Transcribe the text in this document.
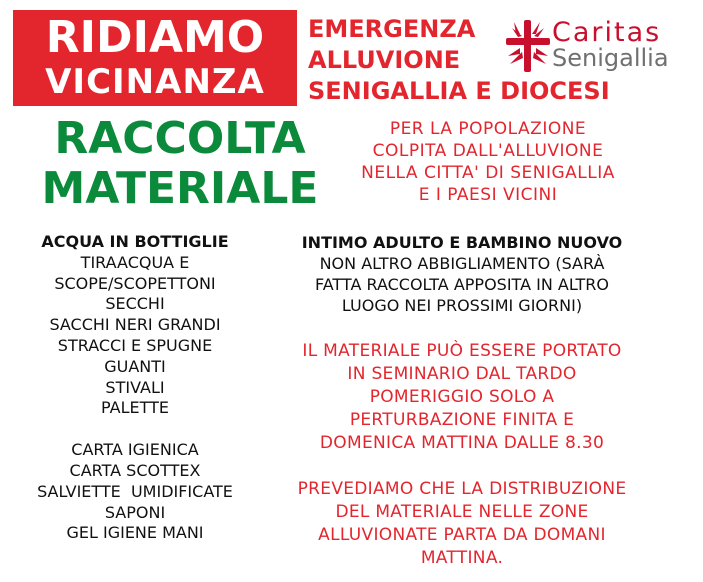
RIDIAMO
VICINANZA
EMERGENZA
ALLUVIONE
SENIGALLIA E DIOCESI
Caritas
Senigallia
RACCOLTA
MATERIALE
PER LA POPOLAZIONE
COLPITA DALL'ALLUVIONE
NELLA CITTA' DI SENIGALLIA
E I PAESI VICINI
ACQUA IN BOTTIGLIE
TIRAACQUA E
SCOPE/SCOPETTONI
SECCHI
SACCHI NERI GRANDI
STRACCI E SPUGNE
GUANTI
STIVALI
PALETTE
CARTA IGIENICA
CARTA SCOTTEX
SALVIETTE  UMIDIFICATE
SAPONI
GEL IGIENE MANI
INTIMO ADULTO E BAMBINO NUOVO
NON ALTRO ABBIGLIAMENTO (SARÀ
FATTA RACCOLTA APPOSITA IN ALTRO
LUOGO NEI PROSSIMI GIORNI)
IL MATERIALE PUÒ ESSERE PORTATO
IN SEMINARIO DAL TARDO
POMERIGGIO SOLO A
PERTURBAZIONE FINITA E
DOMENICA MATTINA DALLE 8.30
PREVEDIAMO CHE LA DISTRIBUZIONE
DEL MATERIALE NELLE ZONE
ALLUVIONATE PARTA DA DOMANI
MATTINA.
